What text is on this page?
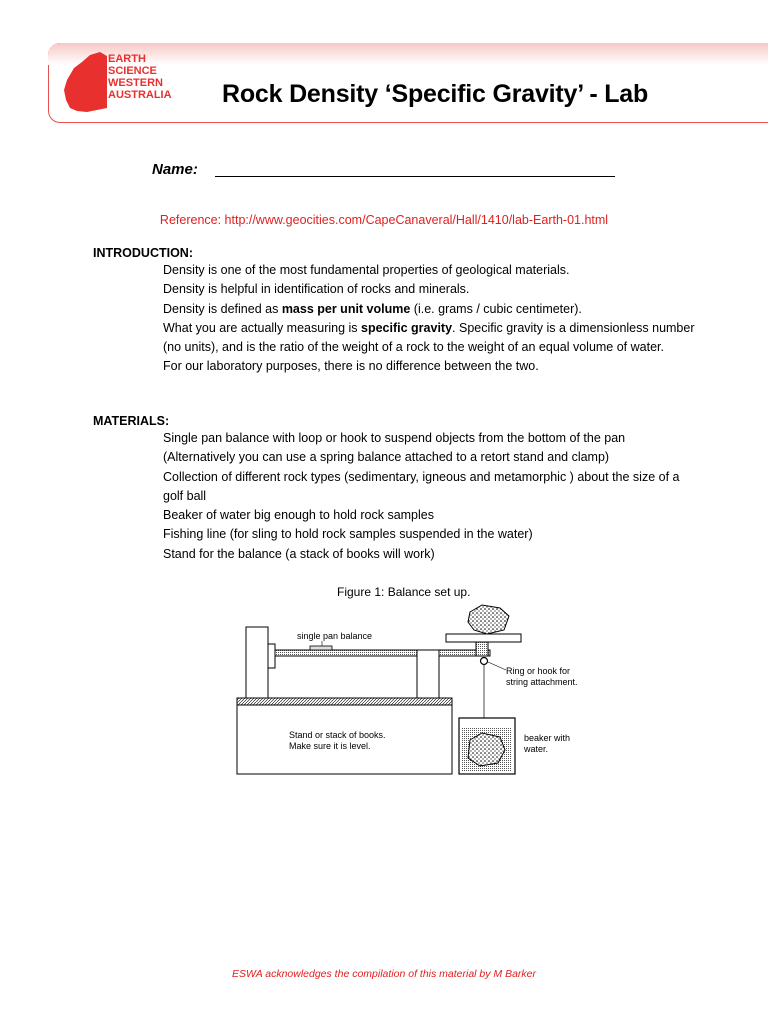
EARTH
SCIENCE
WESTERN
AUSTRALIA Rock Density ‘Specific Gravity’ - Lab
Name:
Reference: http://www.geocities.com/CapeCanaveral/Hall/1410/lab-Earth-01.html
INTRODUCTION:
Density is one of the most fundamental properties of geological materials.
Density is helpful in identification of rocks and minerals.
Density is defined as mass per unit volume (i.e. grams / cubic centimeter).
What you are actually measuring is specific gravity. Specific gravity is a dimensionless number (no units), and is the ratio of the weight of a rock to the weight of an equal volume of water.
For our laboratory purposes, there is no difference between the two.
MATERIALS:
Single pan balance with loop or hook to suspend objects from the bottom of the pan
(Alternatively you can use a spring balance attached to a retort stand and clamp)
Collection of different rock types (sedimentary, igneous and metamorphic ) about the size of a golf ball
Beaker of water big enough to hold rock samples
Fishing line (for sling to hold rock samples suspended in the water)
Stand for the balance (a stack of books will work)
Figure 1: Balance set up.
single pan balance
Ring or hook for
string attachment.
Stand or stack of books.
Make sure it is level.
beaker with
water.
ESWA acknowledges the compilation of this material by M Barker
